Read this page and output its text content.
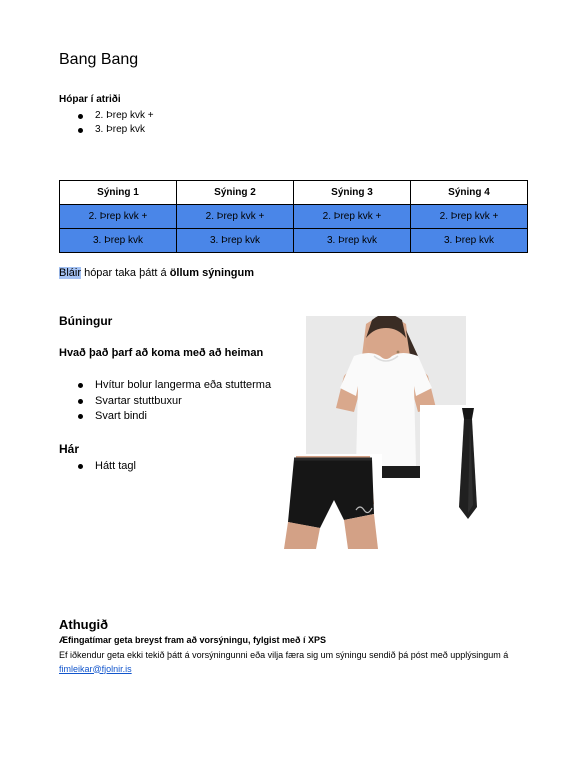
Bang Bang
Hópar í atriði
2. Þrep kvk +
3. Þrep kvk
Sýning 1	Sýning 2	Sýning 3	Sýning 4
2. Þrep kvk +	2. Þrep kvk +	2. Þrep kvk +	2. Þrep kvk +
3. Þrep kvk	3. Þrep kvk	3. Þrep kvk	3. Þrep kvk
Bláir hópar taka þátt á öllum sýningum
Búningur
Hvað það þarf að koma með að heiman
Hvítur bolur langerma eða stutterma
Svartar stuttbuxur
Svart bindi
Hár
Hátt tagl
Athugið
Æfingatímar geta breyst fram að vorsýningu, fylgist með í XPS
Ef iðkendur geta ekki tekið þátt á vorsýningunni eða vilja færa sig um sýningu sendið þá póst með upplýsingum á fimleikar@fjolnir.is
